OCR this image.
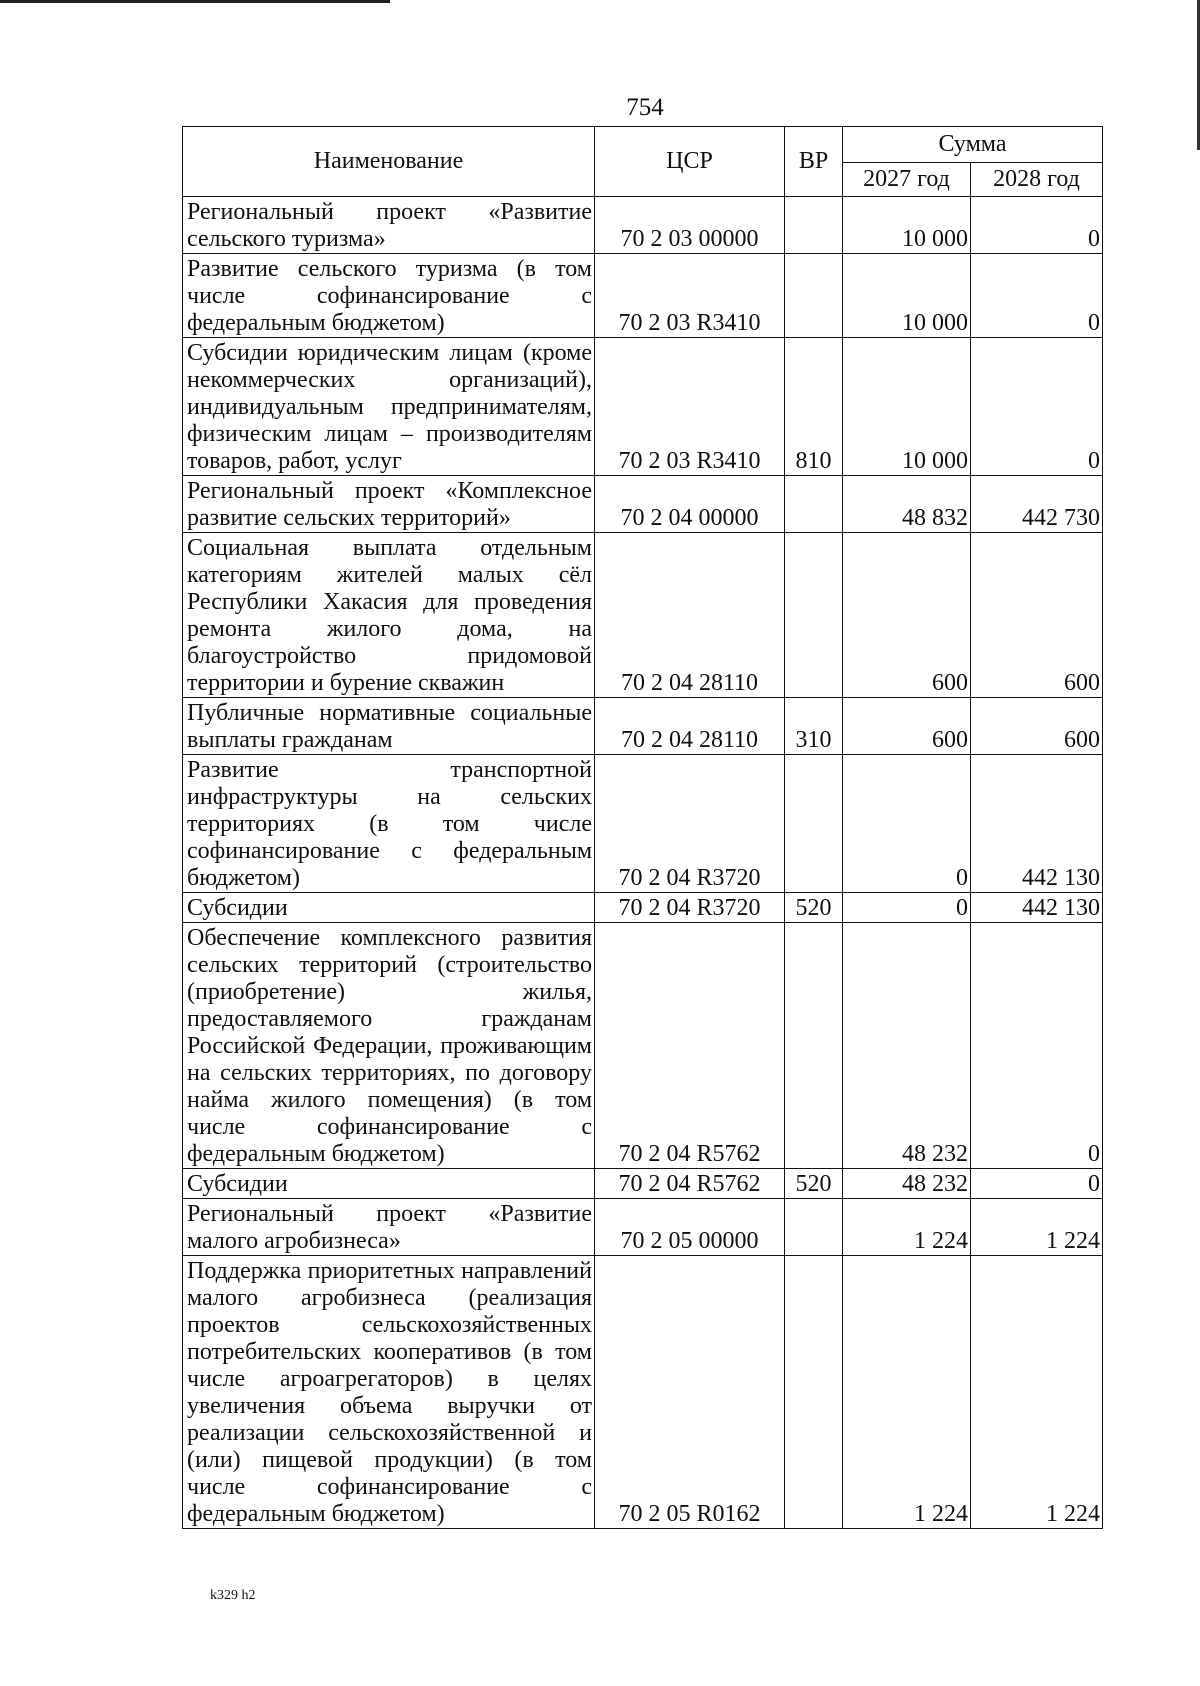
754
Наименование	ЦСР	ВР	Сумма	
			2027 год	2028 год
Региональный проект «Развитие сельского туризма»	70 2 03 00000		10 000	0
Развитие сельского туризма (в том числе софинансирование с федеральным бюджетом)	70 2 03 R3410		10 000	0
Субсидии юридическим лицам (кроме некоммерческих организаций), индивидуальным предпринимателям, физическим лицам – производителям товаров, работ, услуг	70 2 03 R3410	810	10 000	0
Региональный проект «Комплексное развитие сельских территорий»	70 2 04 00000		48 832	442 730
Социальная выплата отдельным категориям жителей малых сёл Республики Хакасия для проведения ремонта жилого дома, на благоустройство придомовой территории и бурение скважин	70 2 04 28110		600	600
Публичные нормативные социальные выплаты гражданам	70 2 04 28110	310	600	600
Развитие транспортной инфраструктуры на сельских территориях (в том числе софинансирование с федеральным бюджетом)	70 2 04 R3720		0	442 130
Субсидии	70 2 04 R3720	520	0	442 130
Обеспечение комплексного развития сельских территорий (строительство (приобретение) жилья, предоставляемого гражданам Российской Федерации, проживающим на сельских территориях, по договору найма жилого помещения) (в том числе софинансирование с федеральным бюджетом)	70 2 04 R5762		48 232	0
Субсидии	70 2 04 R5762	520	48 232	0
Региональный проект «Развитие малого агробизнеса»	70 2 05 00000		1 224	1 224
Поддержка приоритетных направлений малого агробизнеса (реализация проектов сельскохозяйственных потребительских кооперативов (в том числе агроагрегаторов) в целях увеличения объема выручки от реализации сельскохозяйственной и (или) пищевой продукции) (в том числе софинансирование с федеральным бюджетом)	70 2 05 R0162		1 224	1 224
k329 h2
